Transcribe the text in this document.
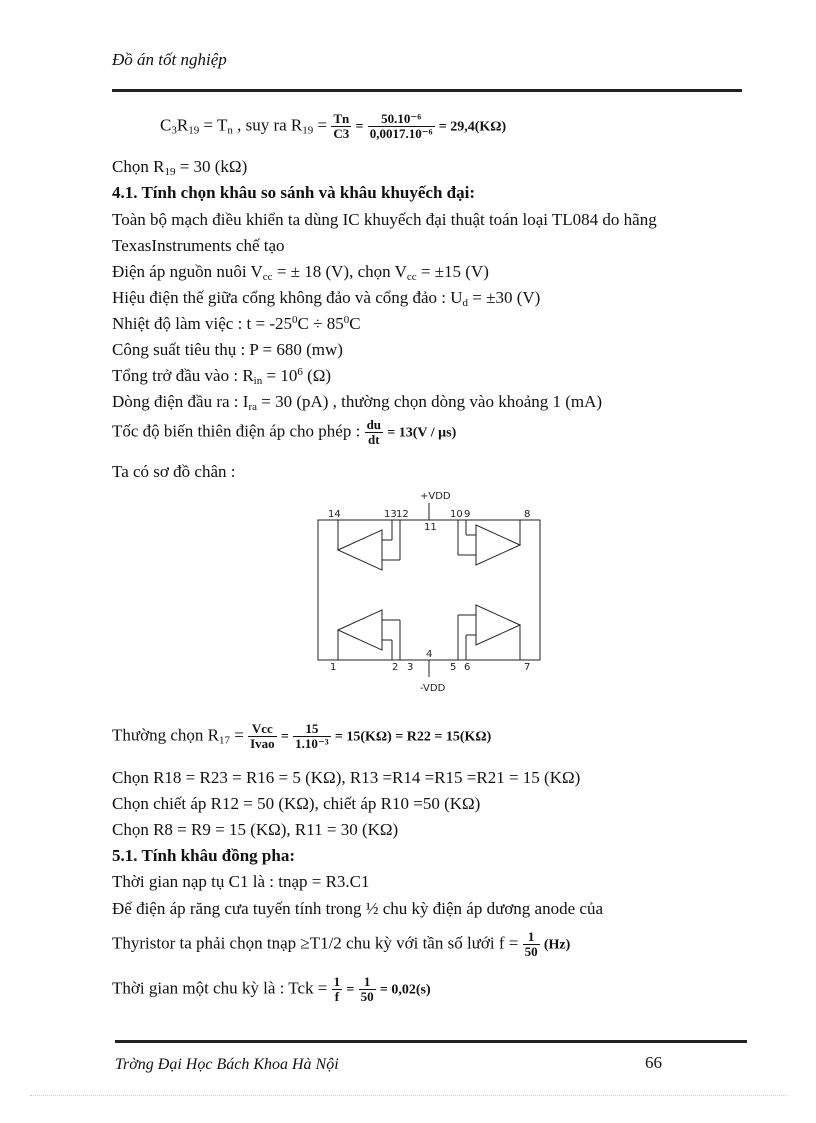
Đồ án tốt nghiệp
$C_3R_{19} = T_n$ , suy ra $R_{19} = \frac{Tn}{C3} = \frac{\text{50.10⁻⁶}}{\text{0,0017.10⁻⁶}} = 29,4(K\Omega)$
Chọn $R_{19} = 30$ (kΩ)
4.1. Tính chọn khâu so sánh và khâu khuyếch đại:
Toàn bộ mạch điều khiển ta dùng IC khuyếch đại thuật toán loại TL084 do hãng
TexasInstruments chế tạo
Điện áp nguồn nuôi $V_{cc}$ = ± 18 (V), chọn $V_{cc} = \pm 15$ (V)
Hiệu điện thế giữa cổng không đảo và cổng đảo : $U_d = \pm 30$ (V)
Nhiệt độ làm việc : $t = -25^0C \div 85^0C$
Công suất tiêu thụ : P = 680 (mw)
Tổng trở đầu vào : $R_{in} = 10^6$ (Ω)
Dòng điện đầu ra : $I_{ra} = 30$ (pA) , thường chọn dòng vào khoảng 1 (mA)
Tốc độ biến thiên điện áp cho phép : $\frac{du}{dt} = 13(V / \mu s)$
Ta có sơ đồ chân :
+VDD
-VDD
14	13 12
11
10 9	8
1	2 3
4
5 6	7
Thường chọn $R_{17} = \frac{\text{Vcc}}{\text{Ivao}} = \frac{15}{\text{1.10⁻³}} = 15(K\Omega) = R22 = 15(K\Omega)$
Chọn R18 = R23 = R16 = 5 (KΩ), R13 =R14 =R15 =R21 = 15 (KΩ)
Chọn chiết áp R12 = 50 (KΩ), chiết áp R10 =50 (KΩ)
Chọn R8 = R9 = 15 (KΩ), R11 = 30 (KΩ)
5.1. Tính khâu đồng pha:
Thời gian nạp tụ C1 là : tnạp = R3.C1
Để điện áp răng cưa tuyến tính trong ½ chu kỳ điện áp dương anode của
Thyristor ta phải chọn tnạp ≥T1/2 chu kỳ với tần số lưới $f = \frac{1}{50} (Hz)$
Thời gian một chu kỳ là : Tck = $\frac{1}{f} = \frac{1}{50} = 0,02(s)$
Trờng Đại Học Bách Khoa Hà Nội	66
